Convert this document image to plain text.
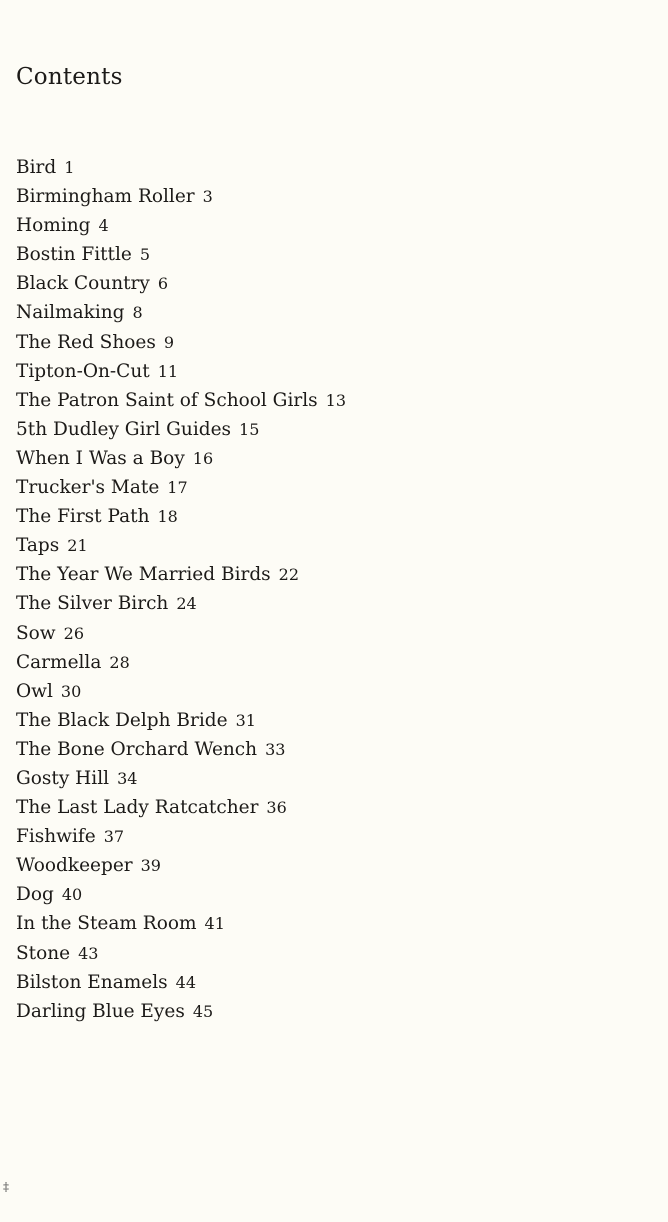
Contents
Bird 1
Birmingham Roller 3
Homing 4
Bostin Fittle 5
Black Country 6
Nailmaking 8
The Red Shoes 9
Tipton-On-Cut 11
The Patron Saint of School Girls 13
5th Dudley Girl Guides 15
When I Was a Boy 16
Trucker's Mate 17
The First Path 18
Taps 21
The Year We Married Birds 22
The Silver Birch 24
Sow 26
Carmella 28
Owl 30
The Black Delph Bride 31
The Bone Orchard Wench 33
Gosty Hill 34
The Last Lady Ratcatcher 36
Fishwife 37
Woodkeeper 39
Dog 40
In the Steam Room 41
Stone 43
Bilston Enamels 44
Darling Blue Eyes 45
‡
